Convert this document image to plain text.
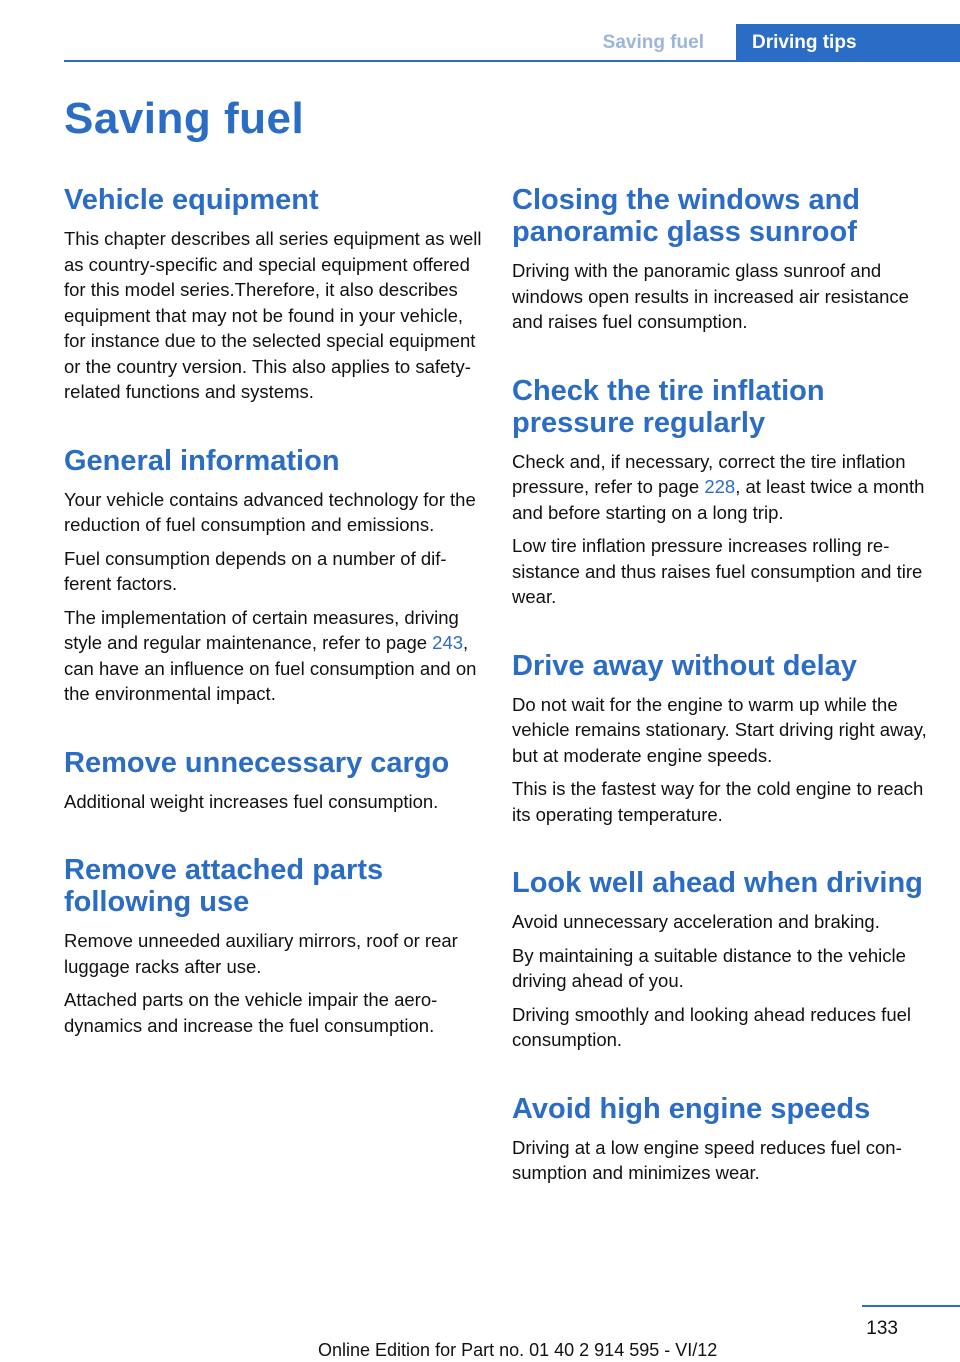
Saving fuel	Driving tips
Saving fuel
Vehicle equipment

This chapter describes all series equipment as well as country-specific and special equipment offered for this model series.Therefore, it also describes equipment that may not be found in your vehicle, for instance due to the selected special equipment or the country version. This also applies to safety-related functions and systems.

General information

Your vehicle contains advanced technology for the reduction of fuel consumption and emissions.

Fuel consumption depends on a number of different factors.

The implementation of certain measures, driving style and regular maintenance, refer to page 243, can have an influence on fuel consumption and on the environmental impact.

Remove unnecessary cargo

Additional weight increases fuel consumption.

Remove attached parts following use

Remove unneeded auxiliary mirrors, roof or rear luggage racks after use.

Attached parts on the vehicle impair the aerodynamics and increase the fuel consumption.

Closing the windows and panoramic glass sunroof

Driving with the panoramic glass sunroof and windows open results in increased air resistance and raises fuel consumption.

Check the tire inflation pressure regularly

Check and, if necessary, correct the tire inflation pressure, refer to page 228, at least twice a month and before starting on a long trip.

Low tire inflation pressure increases rolling resistance and thus raises fuel consumption and tire wear.

Drive away without delay

Do not wait for the engine to warm up while the vehicle remains stationary. Start driving right away, but at moderate engine speeds.

This is the fastest way for the cold engine to reach its operating temperature.

Look well ahead when driving

Avoid unnecessary acceleration and braking.

By maintaining a suitable distance to the vehicle driving ahead of you.

Driving smoothly and looking ahead reduces fuel consumption.

Avoid high engine speeds

Driving at a low engine speed reduces fuel consumption and minimizes wear.

133
Online Edition for Part no. 01 40 2 914 595 - VI/12
